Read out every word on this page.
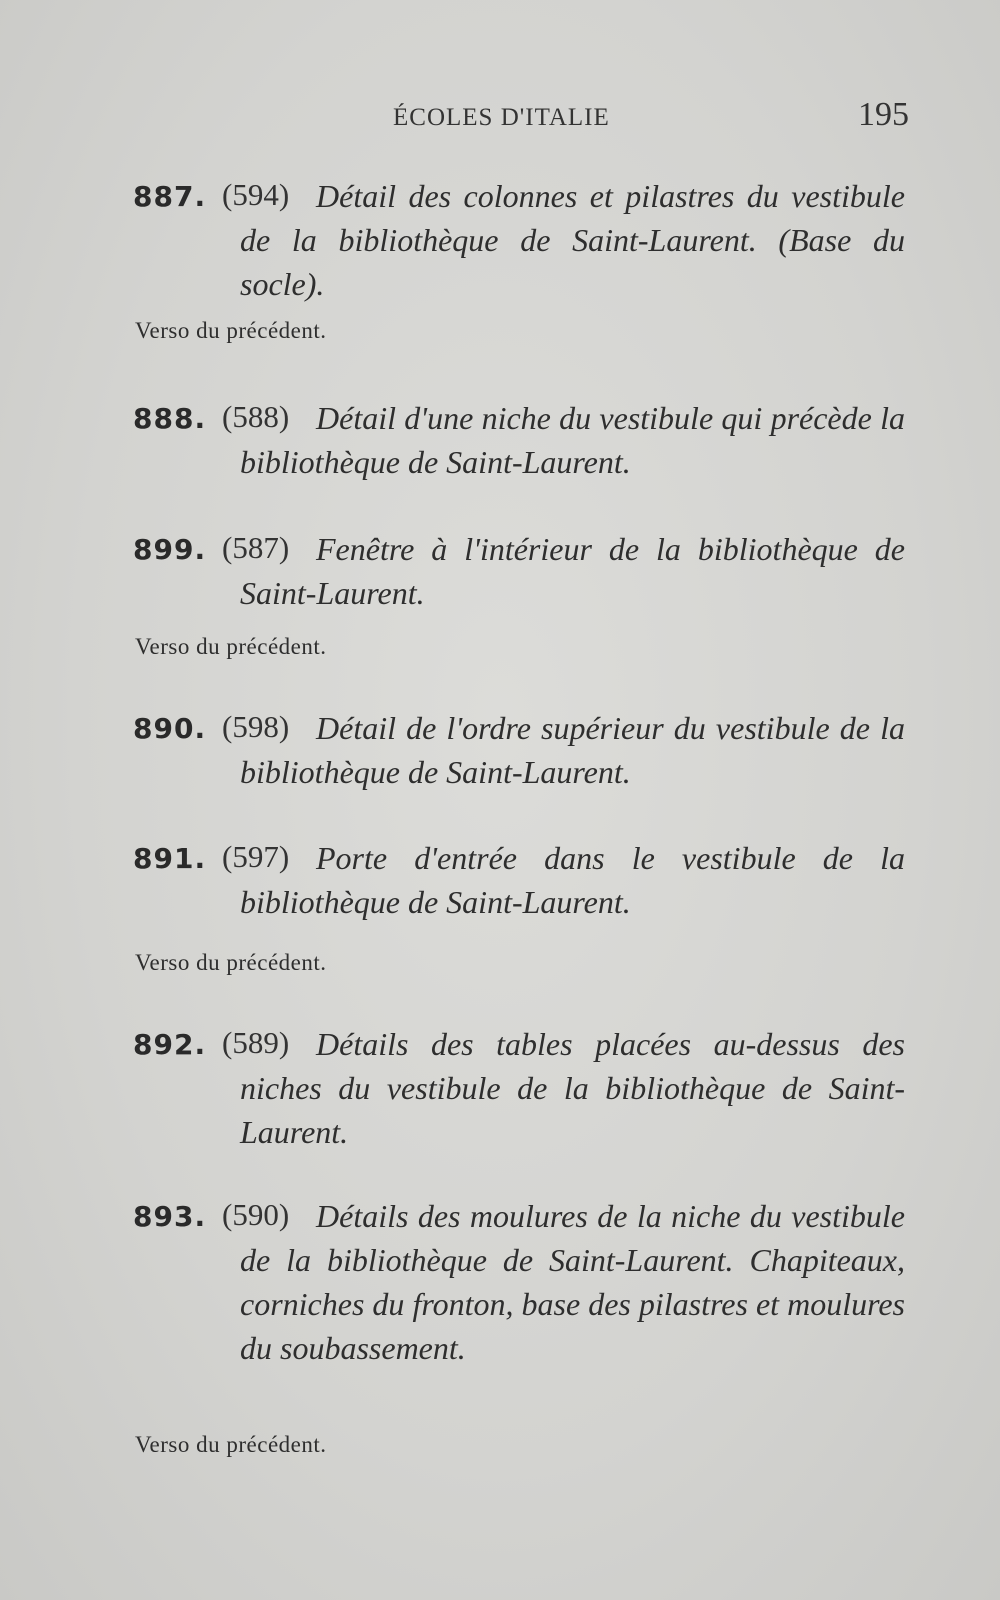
ÉCOLES D'ITALIE	195
887. (594) Détail des colonnes et pilastres du vestibule de la bibliothèque de Saint-Laurent. (Base du socle).

Verso du précédent.
888. (588) Détail d'une niche du vestibule qui précède la bibliothèque de Saint-Laurent.

899. (587) Fenêtre à l'intérieur de la bibliothèque de Saint-Laurent.

Verso du précédent.
890. (598) Détail de l'ordre supérieur du vestibule de la bibliothèque de Saint-Laurent.

891. (597) Porte d'entrée dans le vestibule de la bibliothèque de Saint-Laurent.

Verso du précédent.
892. (589) Détails des tables placées au-dessus des niches du vestibule de la bibliothèque de Saint-Laurent.

893. (590) Détails des moulures de la niche du vestibule de la bibliothèque de Saint-Laurent. Chapiteaux, corniches du fronton, base des pilastres et moulures du soubassement.

Verso du précédent.
